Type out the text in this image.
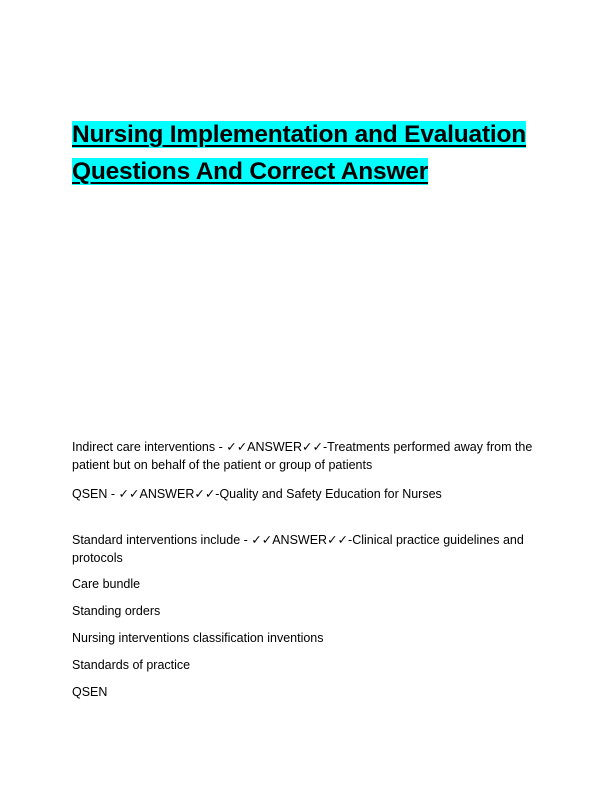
Nursing Implementation and Evaluation Questions And Correct Answer

Indirect care interventions - ✓✓ANSWER✓✓-Treatments performed away from the patient but on behalf of the patient or group of patients

QSEN - ✓✓ANSWER✓✓-Quality and Safety Education for Nurses

Standard interventions include - ✓✓ANSWER✓✓-Clinical practice guidelines and protocols

Care bundle

Standing orders

Nursing interventions classification inventions

Standards of practice

QSEN
